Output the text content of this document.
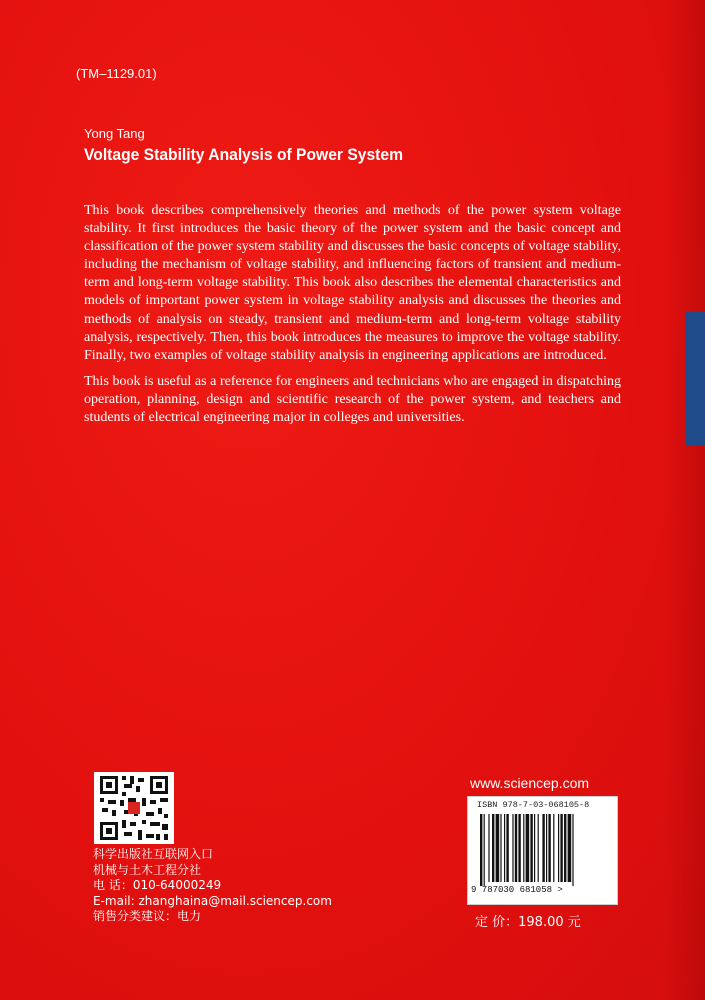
(TM–1129.01)
Yong Tang
Voltage Stability Analysis of Power System

This book describes comprehensively theories and methods of the power system voltage stability. It first introduces the basic theory of the power system and the basic concept and classification of the power system stability and discusses the basic concepts of voltage stability, including the mechanism of voltage stability, and influencing factors of transient and medium-term and long-term voltage stability. This book also describes the elemental characteristics and models of important power system in voltage stability analysis and discusses the theories and methods of analysis on steady, transient and medium-term and long-term voltage stability analysis, respectively. Then, this book introduces the measures to improve the voltage stability. Finally, two examples of voltage stability analysis in engineering applications are introduced.

This book is useful as a reference for engineers and technicians who are engaged in dispatching operation, planning, design and scientific research of the power system, and teachers and students of electrical engineering major in colleges and universities.

科学出版社互联网入口
机械与土木工程分社
电 话：010-64000249
E-mail: zhanghaina@mail.sciencep.com
销售分类建议：电力
www.sciencep.com
ISBN 978-7-03-068105-8
9 787030 681058 >
定 价：198.00 元
